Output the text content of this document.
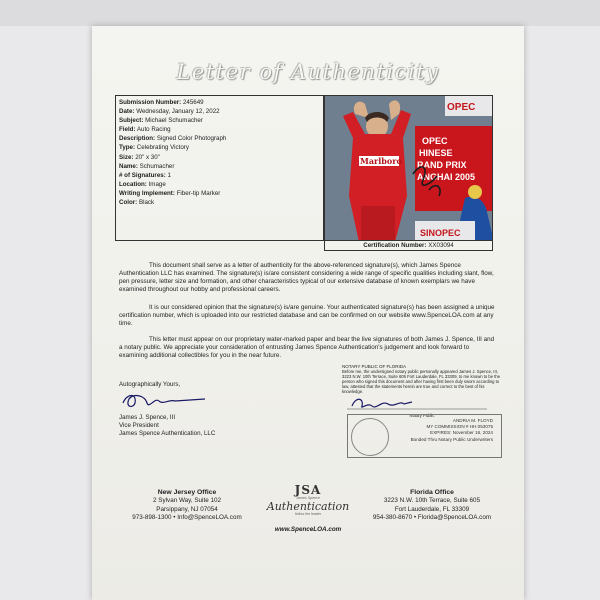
Letter of Authenticity
Submission Number: 245649
Date: Wednesday, January 12, 2022
Subject: Michael Schumacher
Field: Auto Racing
Description: Signed Color Photograph
Type: Celebrating Victory
Size: 20" x 30"
Name: Schumacher
# of Signatures: 1
Location: Image
Writing Implement: Fiber-tip Marker
Color: Black
OPEC
OPEC
HINESE
RAND PRIX
ANGHAI 2005
Marlboro
SINOPEC
Certification Number: XX03094

This document shall serve as a letter of authenticity for the above-referenced signature(s), which James Spence Authentication LLC has examined. The signature(s) is/are consistent considering a wide range of specific qualities including slant, flow, pen pressure, letter size and formation, and other characteristics typical of our extensive database of known exemplars we have examined throughout our hobby and professional careers.

It is our considered opinion that the signature(s) is/are genuine. Your authenticated signature(s) has been assigned a unique certification number, which is uploaded into our restricted database and can be confirmed on our website www.SpenceLOA.com at any time.

This letter must appear on our proprietary water-marked paper and bear the live signatures of both James J. Spence, III and a notary public. We appreciate your consideration of entrusting James Spence Authentication's judgement and look forward to examining additional collectibles for you in the near future.

Autographically Yours,
James J. Spence, III
Vice President
James Spence Authentication, LLC
NOTARY PUBLIC OF FLORIDA
Before me, the undersigned notary public personally appeared James J. Spence, III, 3223 N.W. 10th Terrace, Suite 605 Fort Lauderdale, FL 33309, to me known to be the person who signed this document and after having first been duly sworn according to law, attested that the statements herein are true and correct to the best of his knowledge.
Notary Public
ANDRIA M. FLOYD
MY COMMISSION # HH 053075
EXPIRES: November 16, 2024
Bonded Thru Notary Public Underwriters
New Jersey Office
2 Sylvan Way, Suite 102
Parsippany, NJ 07054
973-898-1300 • Info@SpenceLOA.com
JSA
James Spence
Authentication
follow the leader
www.SpenceLOA.com
Florida Office
3223 N.W. 10th Terrace, Suite 605
Fort Lauderdale, FL 33309
954-380-8670 • Florida@SpenceLOA.com
